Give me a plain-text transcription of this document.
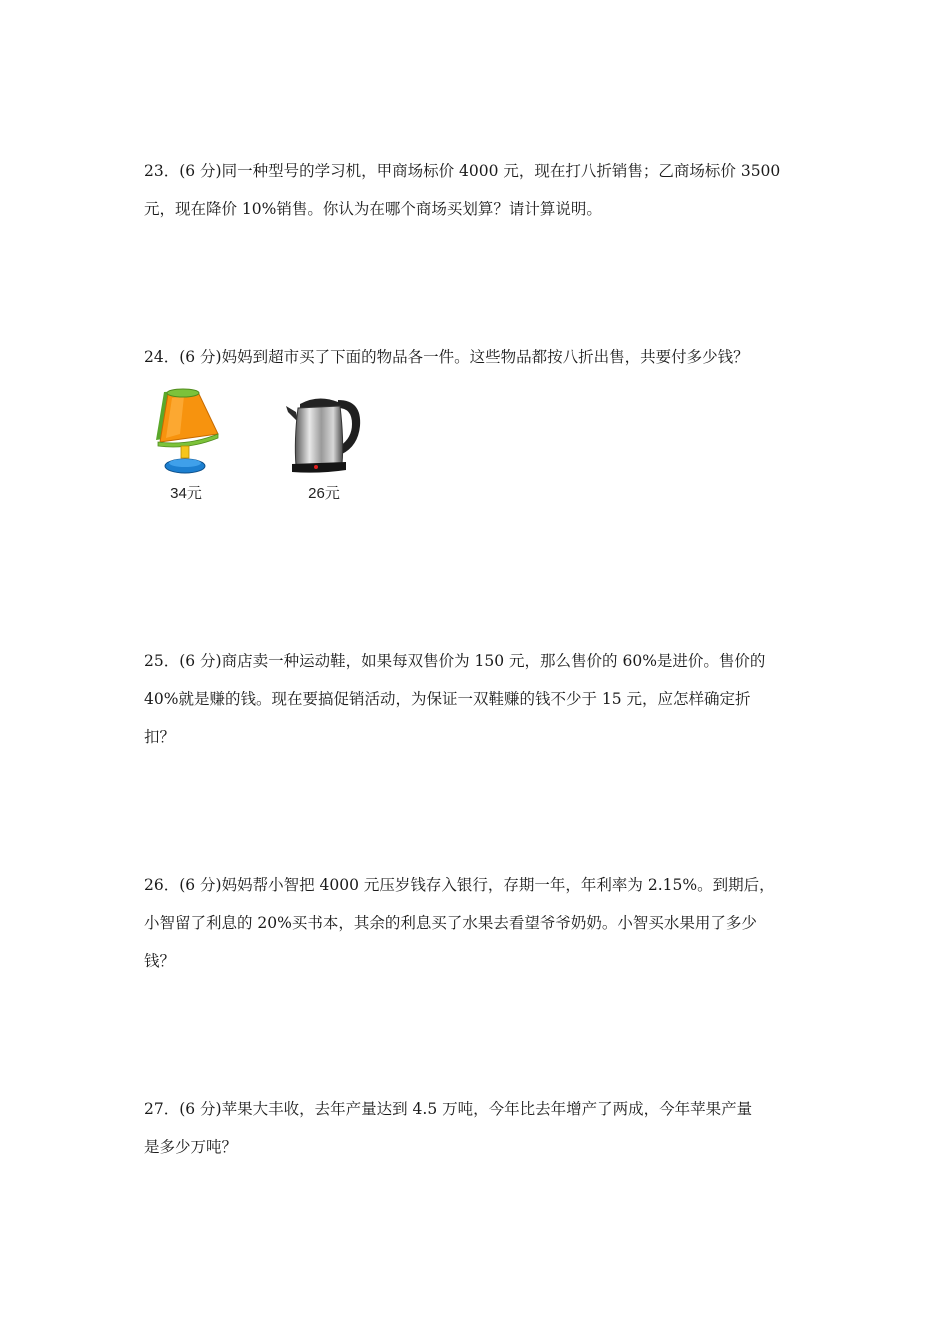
23．(6 分)同一种型号的学习机，甲商场标价 4000 元，现在打八折销售；乙商场标价 3500

元，现在降价 10%销售。你认为在哪个商场买划算？请计算说明。

24．(6 分)妈妈到超市买了下面的物品各一件。这些物品都按八折出售，共要付多少钱？

34元	26元

25．(6 分)商店卖一种运动鞋，如果每双售价为 150 元，那么售价的 60%是进价。售价的

40%就是赚的钱。现在要搞促销活动，为保证一双鞋赚的钱不少于 15 元，应怎样确定折

扣？

26．(6 分)妈妈帮小智把 4000 元压岁钱存入银行，存期一年，年利率为 2.15%。到期后，

小智留了利息的 20%买书本，其余的利息买了水果去看望爷爷奶奶。小智买水果用了多少

钱？

27．(6 分)苹果大丰收，去年产量达到 4.5 万吨，今年比去年增产了两成，今年苹果产量

是多少万吨？
